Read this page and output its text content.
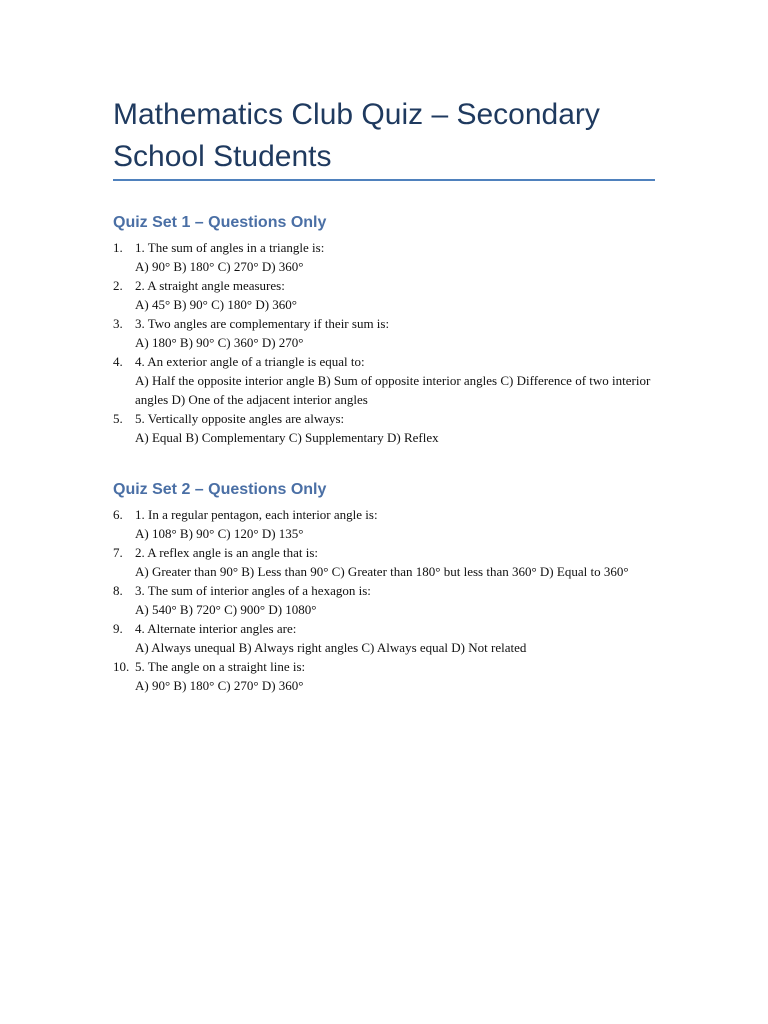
Mathematics Club Quiz – Secondary School Students
Quiz Set 1 – Questions Only
1. 1. The sum of angles in a triangle is:
A) 90° B) 180° C) 270° D) 360°
2. 2. A straight angle measures:
A) 45° B) 90° C) 180° D) 360°
3. 3. Two angles are complementary if their sum is:
A) 180° B) 90° C) 360° D) 270°
4. 4. An exterior angle of a triangle is equal to:
A) Half the opposite interior angle B) Sum of opposite interior angles C) Difference of two interior angles D) One of the adjacent interior angles
5. 5. Vertically opposite angles are always:
A) Equal B) Complementary C) Supplementary D) Reflex
Quiz Set 2 – Questions Only
6. 1. In a regular pentagon, each interior angle is:
A) 108° B) 90° C) 120° D) 135°
7. 2. A reflex angle is an angle that is:
A) Greater than 90° B) Less than 90° C) Greater than 180° but less than 360° D) Equal to 360°
8. 3. The sum of interior angles of a hexagon is:
A) 540° B) 720° C) 900° D) 1080°
9. 4. Alternate interior angles are:
A) Always unequal B) Always right angles C) Always equal D) Not related
10. 5. The angle on a straight line is:
A) 90° B) 180° C) 270° D) 360°
